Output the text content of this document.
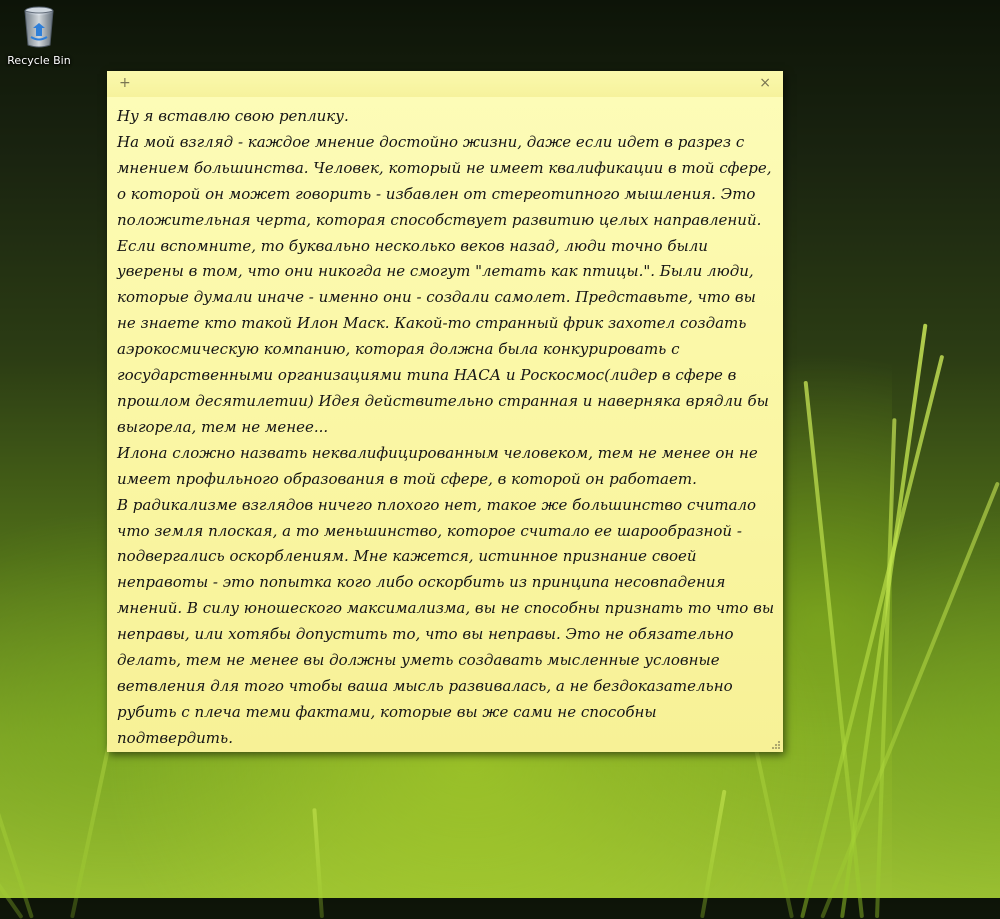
Recycle Bin
+	×
Ну я вставлю свою реплику.
На мой взгляд - каждое мнение достойно жизни, даже если идет в разрез с мнением большинства. Человек, который не имеет квалификации в той сфере, о которой он может говорить - избавлен от стереотипного мышления. Это положительная черта, которая способствует развитию целых направлений.
Если вспомните, то буквально несколько веков назад, люди точно были уверены в том, что они никогда не смогут "летать как птицы.". Были люди, которые думали иначе - именно они - создали самолет. Представьте, что вы не знаете кто такой Илон Маск. Какой-то странный фрик захотел создать аэрокосмическую компанию, которая должна была конкурировать с государственными организациями типа НАСА и Роскосмос(лидер в сфере в прошлом десятилетии) Идея действительно странная и наверняка врядли бы выгорела, тем не менее...
Илона сложно назвать неквалифицированным человеком, тем не менее он не имеет профильного образования в той сфере, в которой он работает.
В радикализме взглядов ничего плохого нет, такое же большинство считало что земля плоская, а то меньшинство, которое считало ее шарообразной - подвергались оскорблениям. Мне кажется, истинное признание своей неправоты - это попытка кого либо оскорбить из принципа несовпадения мнений. В силу юношеского максимализма, вы не способны признать то что вы неправы, или хотябы допустить то, что вы неправы. Это не обязательно делать, тем не менее вы должны уметь создавать мысленные условные ветвления для того чтобы ваша мысль развивалась, а не бездоказательно рубить с плеча теми фактами, которые вы же сами не способны подтвердить.
